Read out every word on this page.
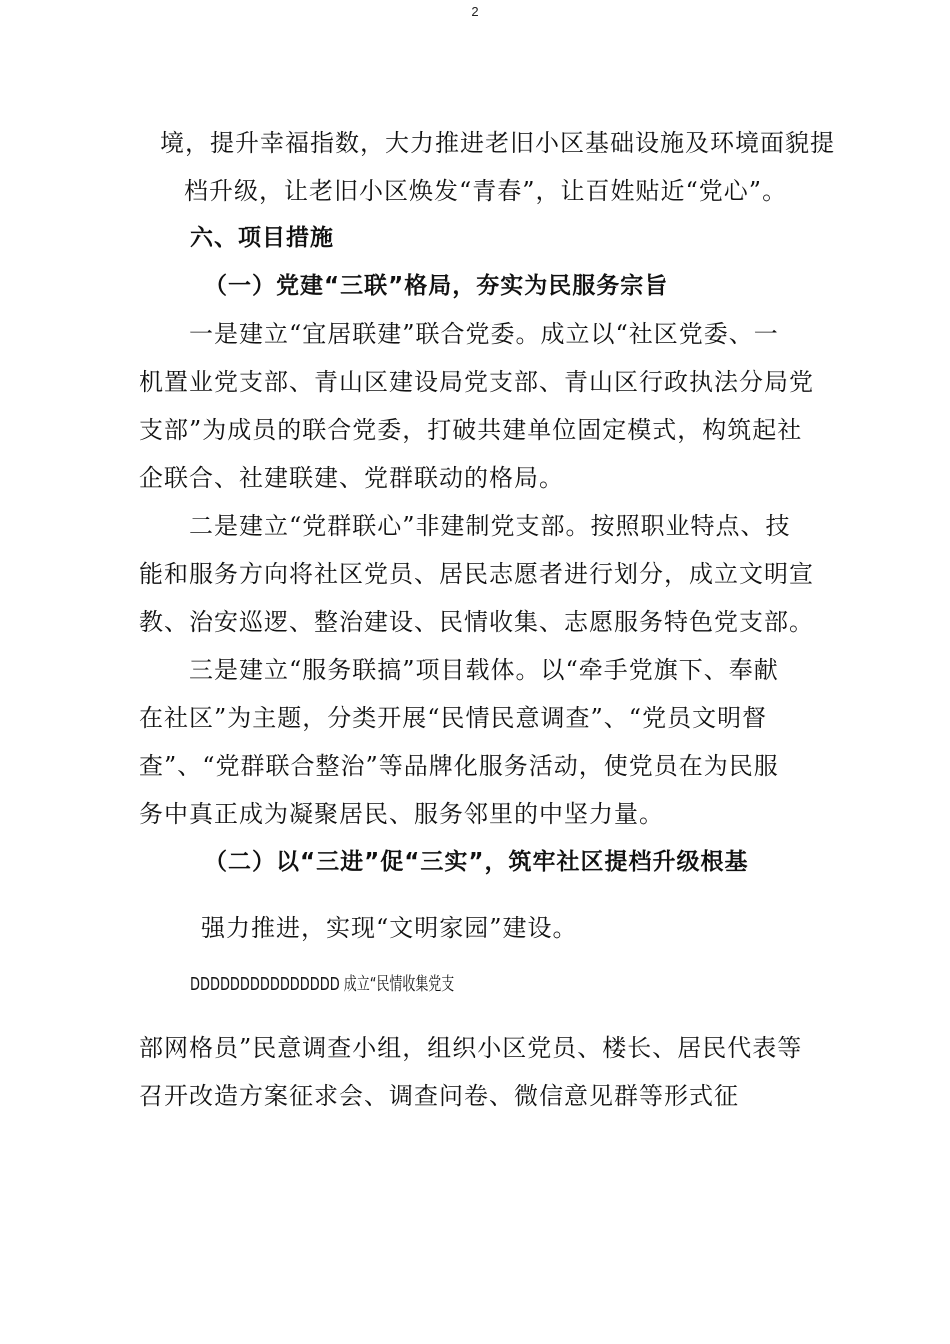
2
境，提升幸福指数，大力推进老旧小区基础设施及环境面貌提
档升级，让老旧小区焕发“青春”，让百姓贴近“党心”。
六、项目措施
（一）党建“三联”格局，夯实为民服务宗旨
一是建立“宜居联建”联合党委。成立以“社区党委、一
机置业党支部、青山区建设局党支部、青山区行政执法分局党
支部”为成员的联合党委，打破共建单位固定模式，构筑起社
企联合、社建联建、党群联动的格局。
二是建立“党群联心”非建制党支部。按照职业特点、技
能和服务方向将社区党员、居民志愿者进行划分，成立文明宣
教、治安巡逻、整治建设、民情收集、志愿服务特色党支部。
三是建立“服务联搞”项目载体。以“牵手党旗下、奉献
在社区”为主题，分类开展“民情民意调查”、“党员文明督
查”、“党群联合整治”等品牌化服务活动，使党员在为民服
务中真正成为凝聚居民、服务邻里的中坚力量。
（二）以“三进”促“三实”，筑牢社区提档升级根基
强力推进，实现“文明家园”建设。
DDDDDDDDDDDDDDD 成立“民情收集党支
部网格员”民意调查小组，组织小区党员、楼长、居民代表等
召开改造方案征求会、调查问卷、微信意见群等形式征
